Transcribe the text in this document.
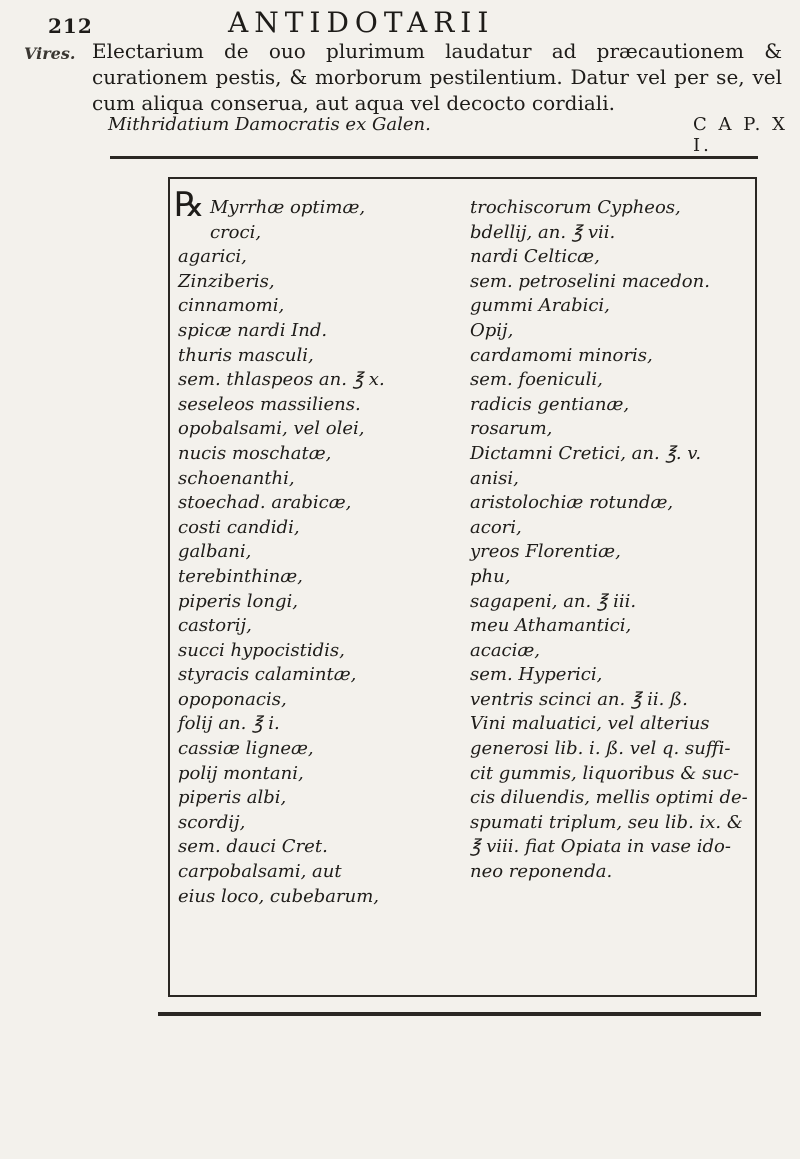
212	ANTIDOTARII
Vires. Electarium de ouo plurimum laudatur ad præcautionem & curationem pestis, & morborum pestilentium. Datur vel per se, vel cum aliqua conserua, aut aqua vel decocto cordiali.

Mithridatium Damocratis ex Galen.	C A P. X I.
℞ Myrrhæ optimæ,
croci,
agarici,
Zinziberis,
cinnamomi,
spicæ nardi Ind.
thuris masculi,
sem. thlaspeos an. ℥ x.
seseleos massiliens.
opobalsami, vel olei,
nucis moschatæ,
schoenanthi,
stoechad. arabicæ,
costi candidi,
galbani,
terebinthinæ,
piperis longi,
castorij,
succi hypocistidis,
styracis calamintæ,
opoponacis,
folij an. ℥ i.
cassiæ ligneæ,
polij montani,
piperis albi,
scordij,
sem. dauci Cret.
carpobalsami, aut
eius loco, cubebarum,
trochiscorum Cypheos,
bdellij, an. ℥ vii.
nardi Celticæ,
sem. petroselini macedon.
gummi Arabici,
Opij,
cardamomi minoris,
sem. foeniculi,
radicis gentianæ,
rosarum,
Dictamni Cretici, an. ℥. v.
anisi,
aristolochiæ rotundæ,
acori,
yreos Florentiæ,
phu,
sagapeni, an. ℥ iii.
meu Athamantici,
acaciæ,
sem. Hyperici,
ventris scinci an. ℥ ii. ß.
Vini maluatici, vel alterius
generosi lib. i. ß. vel q. suffi-
cit gummis, liquoribus & suc-
cis diluendis, mellis optimi de-
spumati triplum, seu lib. ix. &
℥ viii. fiat Opiata in vase ido-
neo reponenda.
